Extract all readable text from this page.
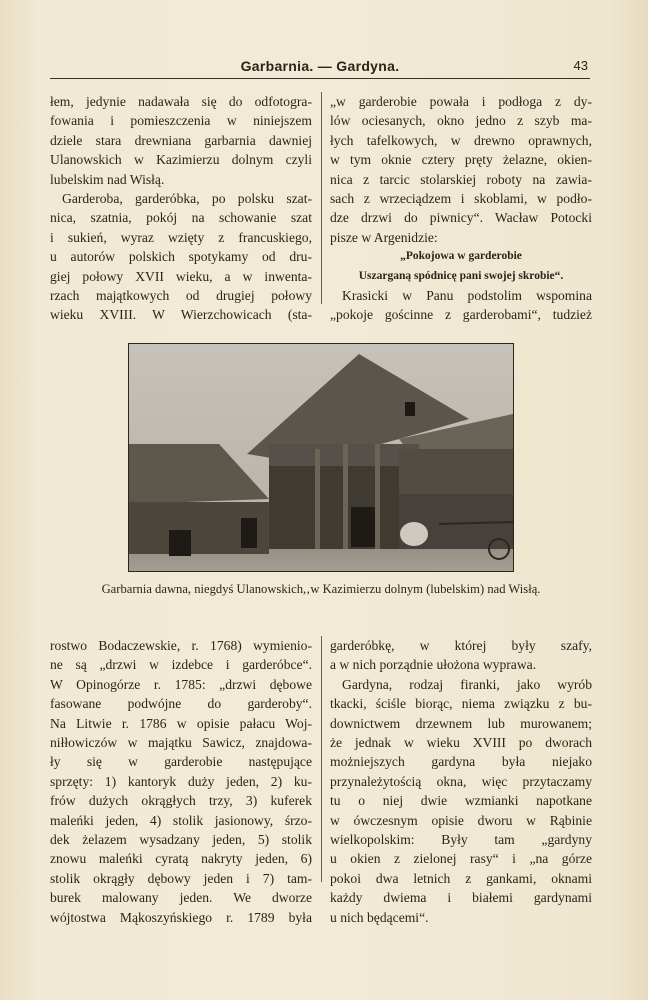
Garbarnia. — Gardyna.	43
łem, jedynie nadawała się do odfotogra-
fowania i pomieszczenia w niniejszem
dziele stara drewniana garbarnia dawniej
Ulanowskich w Kazimierzu dolnym czyli
lubelskim nad Wisłą.
Garderoba, garderóbka, po polsku szat-
nica, szatnia, pokój na schowanie szat
i sukień, wyraz wzięty z francuskiego,
u autorów polskich spotykamy od dru-
giej połowy XVII wieku, a w inwenta-
rzach majątkowych od drugiej połowy
wieku XVIII. W Wierzchowicach (sta-
„w garderobie powała i podłoga z dy-
lów ociesanych, okno jedno z szyb ma-
łych tafelkowych, w drewno oprawnych,
w tym oknie cztery pręty żelazne, okien-
nica z tarcic stolarskiej roboty na zawia-
sach z wrzeciądzem i skoblami, w podło-
dze drzwi do piwnicy“. Wacław Potocki
pisze w Argenidzie:
„Pokojowa w garderobie
Uszarganą spódnicę pani swojej skrobie“.
Krasicki w Panu podstolim wspomina
„pokoje gościnne z garderobami“, tudzież
Garbarnia dawna, niegdyś Ulanowskich,‚w Kazimierzu dolnym (lubelskim) nad Wisłą.
rostwo Bodaczewskie, r. 1768) wymienio-
ne są „drzwi w izdebce i garderóbce“.
W Opinogórze r. 1785: „drzwi dębowe
fasowane podwójne do garderoby“.
Na Litwie r. 1786 w opisie pałacu Woj-
niłłowiczów w majątku Sawicz, znajdowa-
ły się w garderobie następujące
sprzęty: 1) kantoryk duży jeden, 2) ku-
frów dużych okrągłych trzy, 3) kuferek
maleńki jeden, 4) stolik jasionowy, śrzo-
dek żelazem wysadzany jeden, 5) stolik
znowu maleńki cyratą nakryty jeden, 6)
stolik okrągły dębowy jeden i 7) tam-
burek malowany jeden. We dworze
wójtostwa Mąkoszyńskiego r. 1789 była
garderóbkę, w której były szafy,
a w nich porządnie ułożona wyprawa.
Gardyna, rodzaj firanki, jako wyrób
tkacki, ściśle biorąc, niema związku z bu-
downictwem drzewnem lub murowanem;
że jednak w wieku XVIII po dworach
możniejszych gardyna była niejako
przynależytością okna, więc przytaczamy
tu o niej dwie wzmianki napotkane
w ówczesnym opisie dworu w Rąbinie
wielkopolskim: Były tam „gardyny
u okien z zielonej rasy“ i „na górze
pokoi dwa letnich z gankami, oknami
każdy dwiema i białemi gardynami
u nich będącemi“.
